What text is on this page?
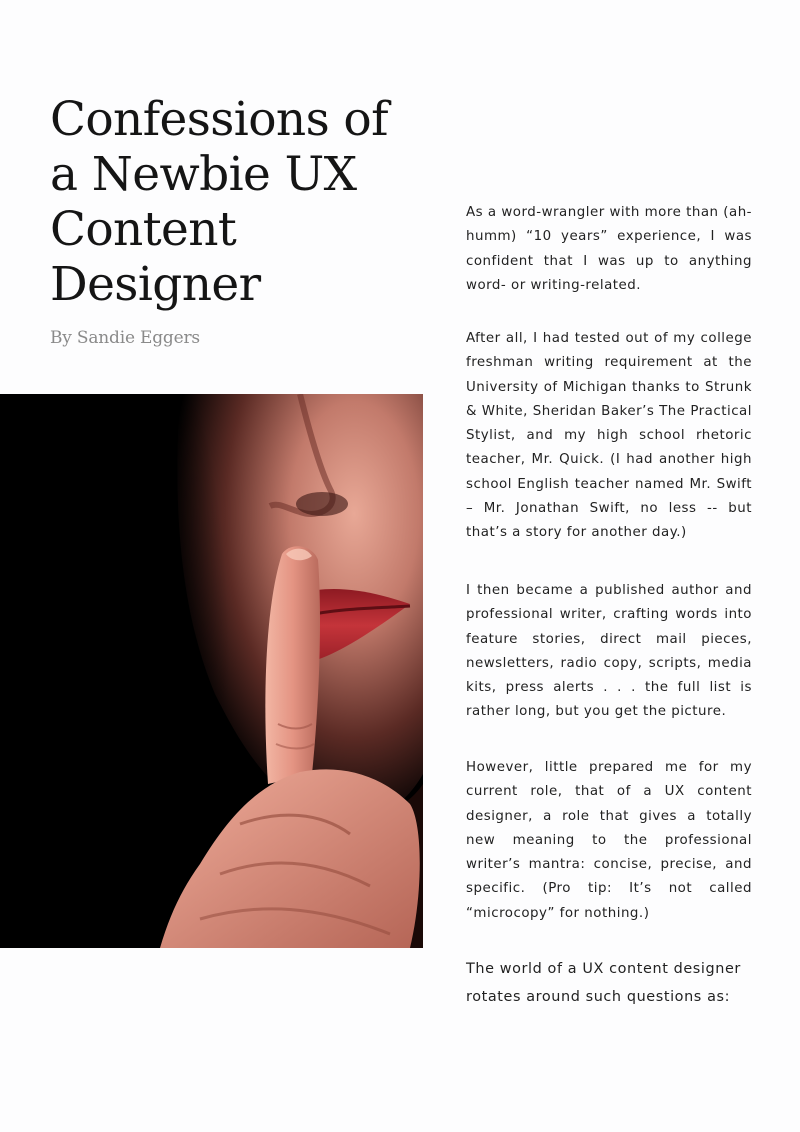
Confessions of
a Newbie UX
Content
Designer

By Sandie Eggers

As a word-wrangler with more than (ah-humm) “10 years” experience, I was confident that I was up to anything word- or writing-related.

After all, I had tested out of my college freshman writing requirement at the University of Michigan thanks to Strunk & White, Sheridan Baker’s The Practical Stylist, and my high school rhetoric teacher, Mr. Quick. (I had another high school English teacher named Mr. Swift – Mr. Jonathan Swift, no less -- but that’s a story for another day.)

I then became a published author and professional writer, crafting words into feature stories, direct mail pieces, newsletters, radio copy, scripts, media kits, press alerts . . . the full list is rather long, but you get the picture.

However, little prepared me for my current role, that of a UX content designer, a role that gives a totally new meaning to the professional writer’s mantra: concise, precise, and specific. (Pro tip: It’s not called “microcopy” for nothing.)

The world of a UX content designer rotates around such questions as:
